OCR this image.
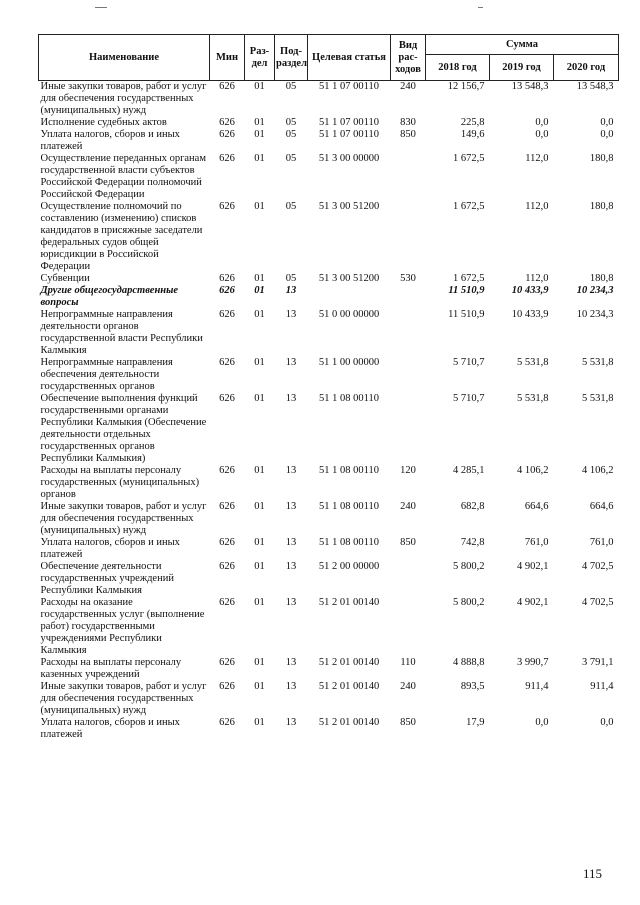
Наименование	Мин	Раз-дел	Под-раздел	Целевая статья	Вид рас-ходов	Сумма		
						2018 год	2019 год	2020 год
Иные закупки товаров, работ и услуг для обеспечения государственных (муниципальных) нужд	626	01	05	51 1 07 00110	240	12 156,7	13 548,3	13 548,3
Исполнение судебных актов	626	01	05	51 1 07 00110	830	225,8	0,0	0,0
Уплата налогов, сборов и иных платежей	626	01	05	51 1 07 00110	850	149,6	0,0	0,0
Осуществление переданных органам государственной власти субъектов Российской Федерации полномочий Российской Федерации	626	01	05	51 3 00 00000		1 672,5	112,0	180,8
Осуществление полномочий по составлению (изменению) списков кандидатов в присяжные заседатели федеральных судов общей юрисдикции в Российской Федерации	626	01	05	51 3 00 51200		1 672,5	112,0	180,8
Субвенции	626	01	05	51 3 00 51200	530	1 672,5	112,0	180,8
Другие общегосударственные вопросы	626	01	13			11 510,9	10 433,9	10 234,3
Непрограммные направления деятельности органов государственной власти Республики Калмыкия	626	01	13	51 0 00 00000		11 510,9	10 433,9	10 234,3
Непрограммные направления обеспечения деятельности государственных органов	626	01	13	51 1 00 00000		5 710,7	5 531,8	5 531,8
Обеспечение выполнения функций государственными органами Республики Калмыкия (Обеспечение деятельности отдельных государственных органов Республики Калмыкия)	626	01	13	51 1 08 00110		5 710,7	5 531,8	5 531,8
Расходы на выплаты персоналу государственных (муниципальных) органов	626	01	13	51 1 08 00110	120	4 285,1	4 106,2	4 106,2
Иные закупки товаров, работ и услуг для обеспечения государственных (муниципальных) нужд	626	01	13	51 1 08 00110	240	682,8	664,6	664,6
Уплата налогов, сборов и иных платежей	626	01	13	51 1 08 00110	850	742,8	761,0	761,0
Обеспечение деятельности государственных учреждений Республики Калмыкия	626	01	13	51 2 00 00000		5 800,2	4 902,1	4 702,5
Расходы на оказание государственных услуг (выполнение работ) государственными учреждениями Республики Калмыкия	626	01	13	51 2 01 00140		5 800,2	4 902,1	4 702,5
Расходы на выплаты персоналу казенных учреждений	626	01	13	51 2 01 00140	110	4 888,8	3 990,7	3 791,1
Иные закупки товаров, работ и услуг для обеспечения государственных (муниципальных) нужд	626	01	13	51 2 01 00140	240	893,5	911,4	911,4
Уплата налогов, сборов и иных платежей	626	01	13	51 2 01 00140	850	17,9	0,0	0,0
115
